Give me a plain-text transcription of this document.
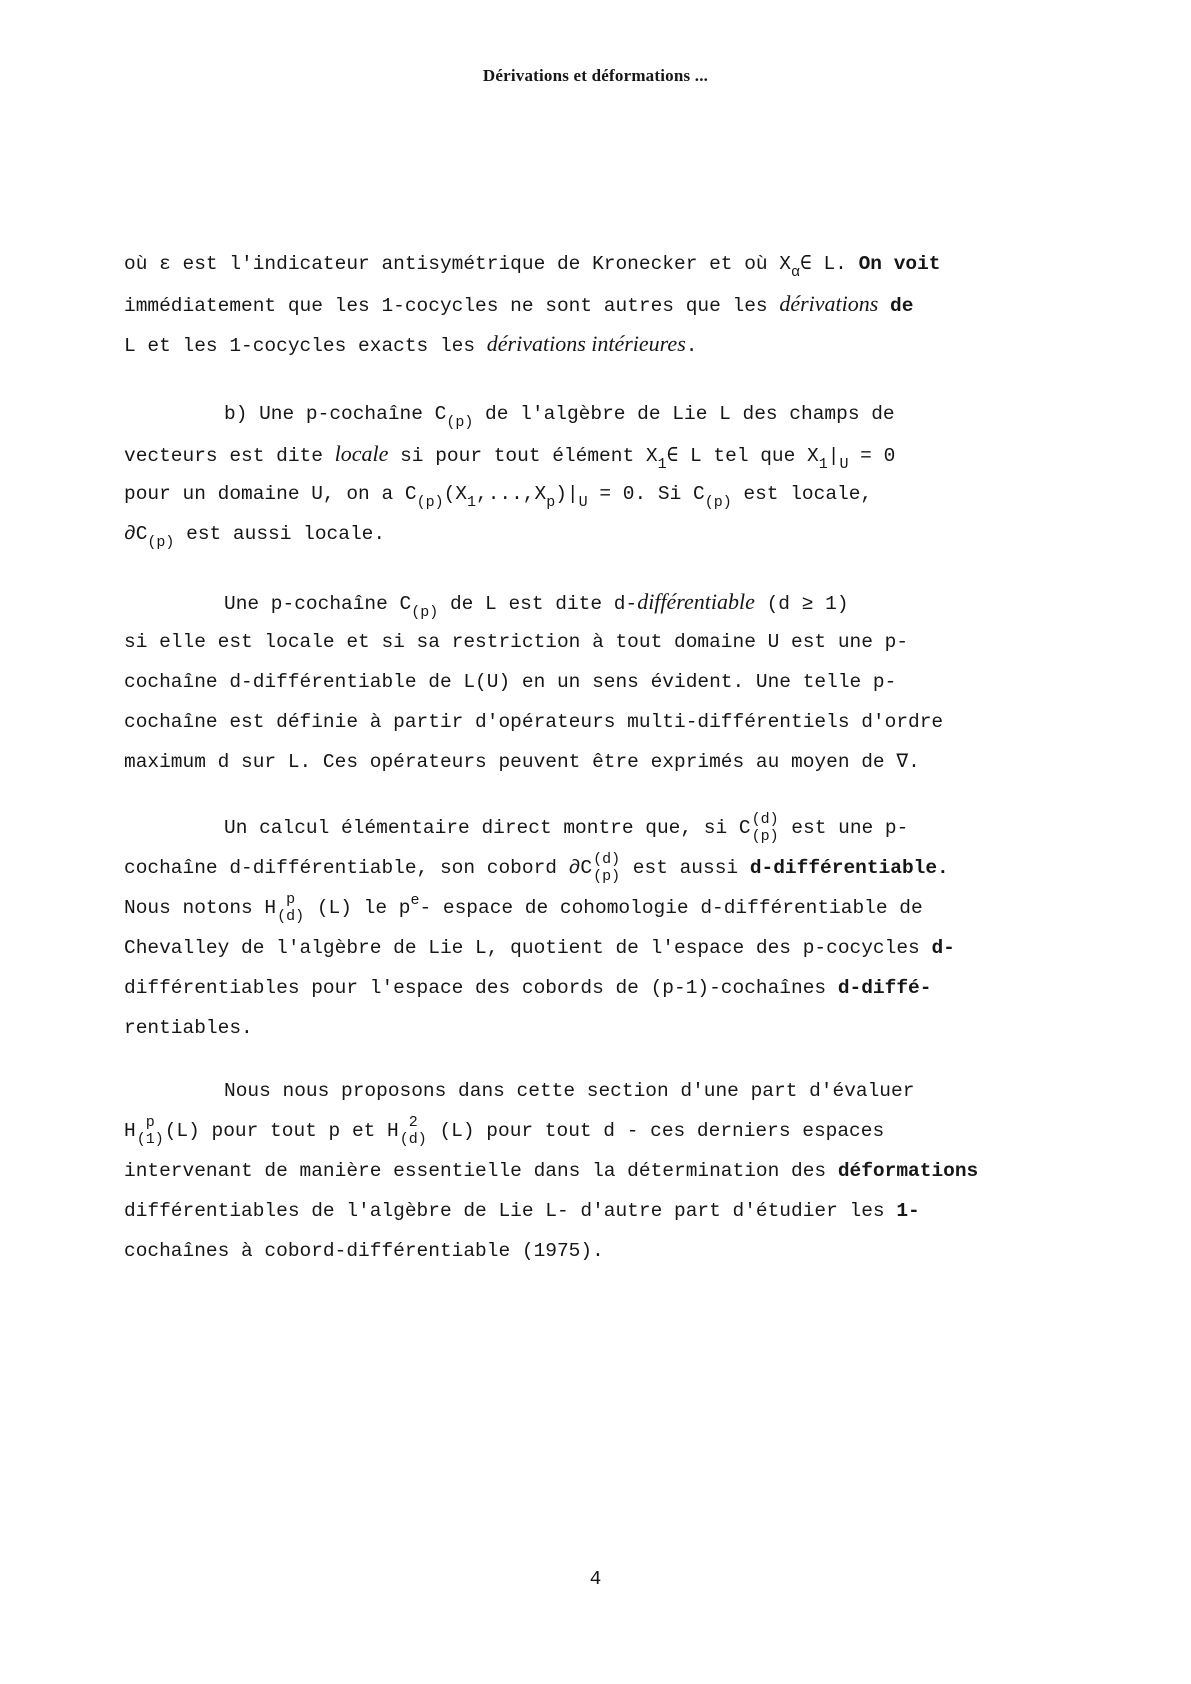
Dérivations et déformations ...
où ε est l'indicateur antisymétrique de Kronecker et où $X_\alpha\in$ L. On voit
immédiatement que les 1-cocycles ne sont autres que les dérivations de
L et les 1-cocycles exacts les dérivations intérieures.
b) Une p-cochaîne $C_{(p)}$ de l'algèbre de Lie L des champs de
vecteurs est dite locale si pour tout élément $X_1\in$ L tel que $X_1|_U = 0$
pour un domaine U, on a $C_{(p)}(X_1,...,X_p)|_U = 0$. Si $C_{(p)}$ est locale,
$\partial C_{(p)}$ est aussi locale.
Une p-cochaîne $C_{(p)}$ de L est dite d-différentiable (d ≥ 1)
si elle est locale et si sa restriction à tout domaine U est une p-
cochaîne d-différentiable de L(U) en un sens évident. Une telle p-
cochaîne est définie à partir d'opérateurs multi-différentiels d'ordre
maximum d sur L. Ces opérateurs peuvent être exprimés au moyen de ∇.
Un calcul élémentaire direct montre que, si C (d)
(p) est une p-
cochaîne d-différentiable, son cobord ∂C (d)
(p) est aussi d-différentiable.
Nous notons H p
(d) (L) le $p^e-$ espace de cohomologie d-différentiable de
Chevalley de l'algèbre de Lie L, quotient de l'espace des p-cocycles d-
différentiables pour l'espace des cobords de (p-1)-cochaînes d-diffé-
rentiables.
Nous nous proposons dans cette section d'une part d'évaluer
H p
(1) (L) pour tout p et H 2
(d) (L) pour tout d - ces derniers espaces
intervenant de manière essentielle dans la détermination des déformations
différentiables de l'algèbre de Lie L- d'autre part d'étudier les 1-
cochaînes à cobord-différentiable (1975).
4
